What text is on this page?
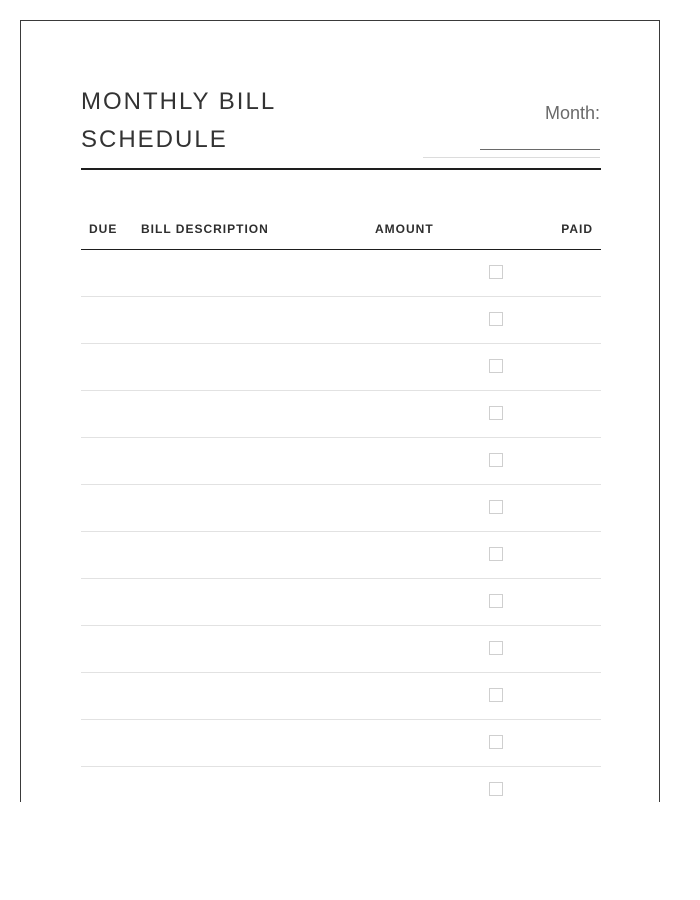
MONTHLY BILL SCHEDULE
Month:
DUE BILL DESCRIPTION	AMOUNT	PAID
